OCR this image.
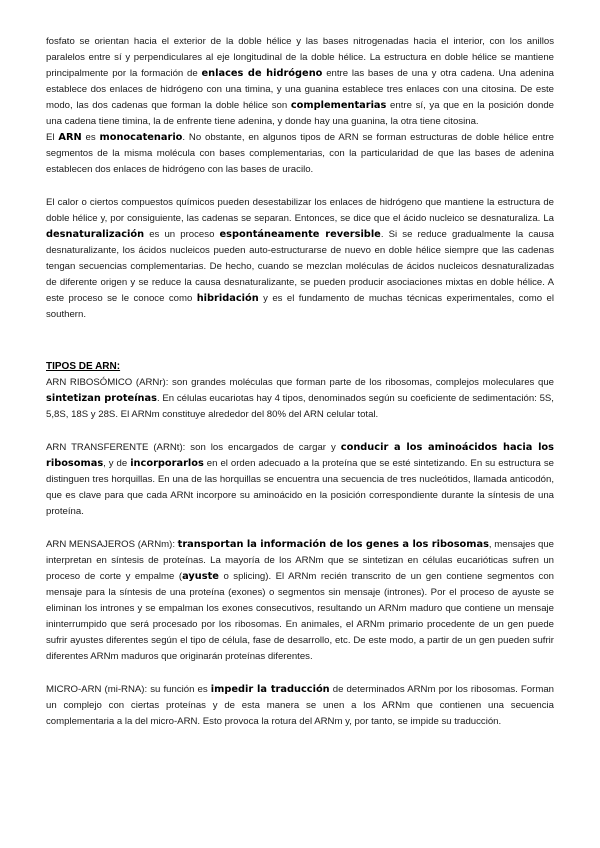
fosfato se orientan hacia el exterior de la doble hélice y las bases nitrogenadas hacia el interior, con los anillos paralelos entre sí y perpendiculares al eje longitudinal de la doble hélice. La estructura en doble hélice se mantiene principalmente por la formación de enlaces de hidrógeno entre las bases de una y otra cadena. Una adenina establece dos enlaces de hidrógeno con una timina, y una guanina establece tres enlaces con una citosina. De este modo, las dos cadenas que forman la doble hélice son complementarias entre sí, ya que en la posición donde una cadena tiene timina, la de enfrente tiene adenina, y donde hay una guanina, la otra tiene citosina.

El ARN es monocatenario. No obstante, en algunos tipos de ARN se forman estructuras de doble hélice entre segmentos de la misma molécula con bases complementarias, con la particularidad de que las bases de adenina establecen dos enlaces de hidrógeno con las bases de uracilo.

El calor o ciertos compuestos químicos pueden desestabilizar los enlaces de hidrógeno que mantiene la estructura de doble hélice y, por consiguiente, las cadenas se separan. Entonces, se dice que el ácido nucleico se desnaturaliza. La desnaturalización es un proceso espontáneamente reversible. Si se reduce gradualmente la causa desnaturalizante, los ácidos nucleicos pueden auto-estructurarse de nuevo en doble hélice siempre que las cadenas tengan secuencias complementarias. De hecho, cuando se mezclan moléculas de ácidos nucleicos desnaturalizadas de diferente origen y se reduce la causa desnaturalizante, se pueden producir asociaciones mixtas en doble hélice. A este proceso se le conoce como hibridación y es el fundamento de muchas técnicas experimentales, como el southern.

TIPOS DE ARN:

ARN RIBOSÓMICO (ARNr): son grandes moléculas que forman parte de los ribosomas, complejos moleculares que sintetizan proteínas. En células eucariotas hay 4 tipos, denominados según su coeficiente de sedimentación: 5S, 5,8S, 18S y 28S. El ARNm constituye alrededor del 80% del ARN celular total.

ARN TRANSFERENTE (ARNt): son los encargados de cargar y conducir a los aminoácidos hacia los ribosomas, y de incorporarlos en el orden adecuado a la proteína que se esté sintetizando. En su estructura se distinguen tres horquillas. En una de las horquillas se encuentra una secuencia de tres nucleótidos, llamada anticodón, que es clave para que cada ARNt incorpore su aminoácido en la posición correspondiente durante la síntesis de una proteína.

ARN MENSAJEROS (ARNm): transportan la información de los genes a los ribosomas, mensajes que interpretan en síntesis de proteínas. La mayoría de los ARNm que se sintetizan en células eucarióticas sufren un proceso de corte y empalme (ayuste o splicing). El ARNm recién transcrito de un gen contiene segmentos con mensaje para la síntesis de una proteína (exones) o segmentos sin mensaje (intrones). Por el proceso de ayuste se eliminan los intrones y se empalman los exones consecutivos, resultando un ARNm maduro que contiene un mensaje ininterrumpido que será procesado por los ribosomas. En animales, el ARNm primario procedente de un gen puede sufrir ayustes diferentes según el tipo de célula, fase de desarrollo, etc. De este modo, a partir de un gen pueden sufrir diferentes ARNm maduros que originarán proteínas diferentes.

MICRO-ARN (mi-RNA): su función es impedir la traducción de determinados ARNm por los ribosomas. Forman un complejo con ciertas proteínas y de esta manera se unen a los ARNm que contienen una secuencia complementaria a la del micro-ARN. Esto provoca la rotura del ARNm y, por tanto, se impide su traducción.
